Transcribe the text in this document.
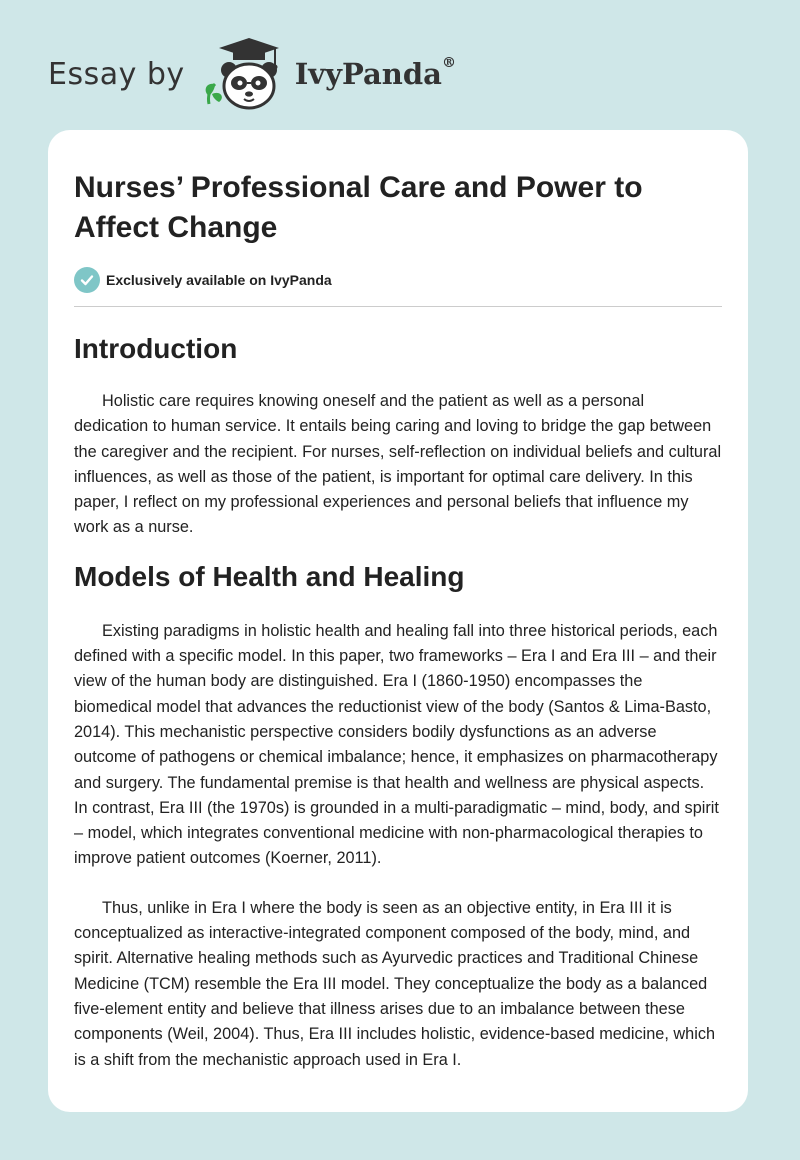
Essay by	IvyPanda®
Nurses’ Professional Care and Power to Affect Change
Exclusively available on IvyPanda
Introduction

Holistic care requires knowing oneself and the patient as well as a personal dedication to human service. It entails being caring and loving to bridge the gap between the caregiver and the recipient. For nurses, self-reflection on individual beliefs and cultural influences, as well as those of the patient, is important for optimal care delivery. In this paper, I reflect on my professional experiences and personal beliefs that influence my work as a nurse.

Models of Health and Healing

Existing paradigms in holistic health and healing fall into three historical periods, each defined with a specific model. In this paper, two frameworks – Era I and Era III – and their view of the human body are distinguished. Era I (1860-1950) encompasses the biomedical model that advances the reductionist view of the body (Santos & Lima-Basto, 2014). This mechanistic perspective considers bodily dysfunctions as an adverse outcome of pathogens or chemical imbalance; hence, it emphasizes on pharmacotherapy and surgery. The fundamental premise is that health and wellness are physical aspects. In contrast, Era III (the 1970s) is grounded in a multi-paradigmatic – mind, body, and spirit – model, which integrates conventional medicine with non-pharmacological therapies to improve patient outcomes (Koerner, 2011).

Thus, unlike in Era I where the body is seen as an objective entity, in Era III it is conceptualized as interactive-integrated component composed of the body, mind, and spirit. Alternative healing methods such as Ayurvedic practices and Traditional Chinese Medicine (TCM) resemble the Era III model. They conceptualize the body as a balanced five-element entity and believe that illness arises due to an imbalance between these components (Weil, 2004). Thus, Era III includes holistic, evidence-based medicine, which is a shift from the mechanistic approach used in Era I.
